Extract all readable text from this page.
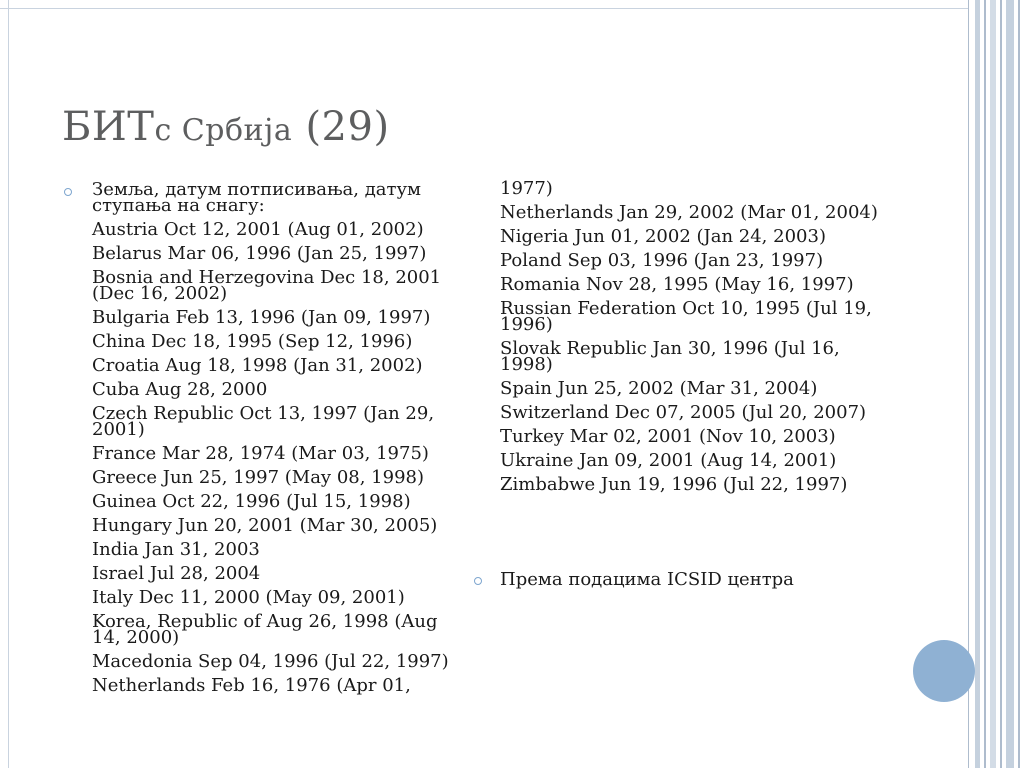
БИТс Србија (29)
Земља, датум потписивања, датум ступања на снагу:
Austria Oct 12, 2001 (Aug 01, 2002)
Belarus Mar 06, 1996 (Jan 25, 1997)
Bosnia and Herzegovina Dec 18, 2001 (Dec 16, 2002)
Bulgaria Feb 13, 1996 (Jan 09, 1997)
China Dec 18, 1995 (Sep 12, 1996)
Croatia Aug 18, 1998 (Jan 31, 2002)
Cuba Aug 28, 2000
Czech Republic Oct 13, 1997 (Jan 29, 2001)
France Mar 28, 1974 (Mar 03, 1975)
Greece Jun 25, 1997 (May 08, 1998)
Guinea Oct 22, 1996 (Jul 15, 1998)
Hungary Jun 20, 2001 (Mar 30, 2005)
India Jan 31, 2003
Israel Jul 28, 2004
Italy Dec 11, 2000 (May 09, 2001)
Korea, Republic of Aug 26, 1998 (Aug 14, 2000)
Macedonia Sep 04, 1996 (Jul 22, 1997)
Netherlands Feb 16, 1976 (Apr 01,
1977)
Netherlands Jan 29, 2002 (Mar 01, 2004)
Nigeria Jun 01, 2002 (Jan 24, 2003)
Poland Sep 03, 1996 (Jan 23, 1997)
Romania Nov 28, 1995 (May 16, 1997)
Russian Federation Oct 10, 1995 (Jul 19, 1996)
Slovak Republic Jan 30, 1996 (Jul 16, 1998)
Spain Jun 25, 2002 (Mar 31, 2004)
Switzerland Dec 07, 2005 (Jul 20, 2007)
Turkey Mar 02, 2001 (Nov 10, 2003)
Ukraine Jan 09, 2001 (Aug 14, 2001)
Zimbabwe Jun 19, 1996 (Jul 22, 1997)
Према подацима ICSID центра
